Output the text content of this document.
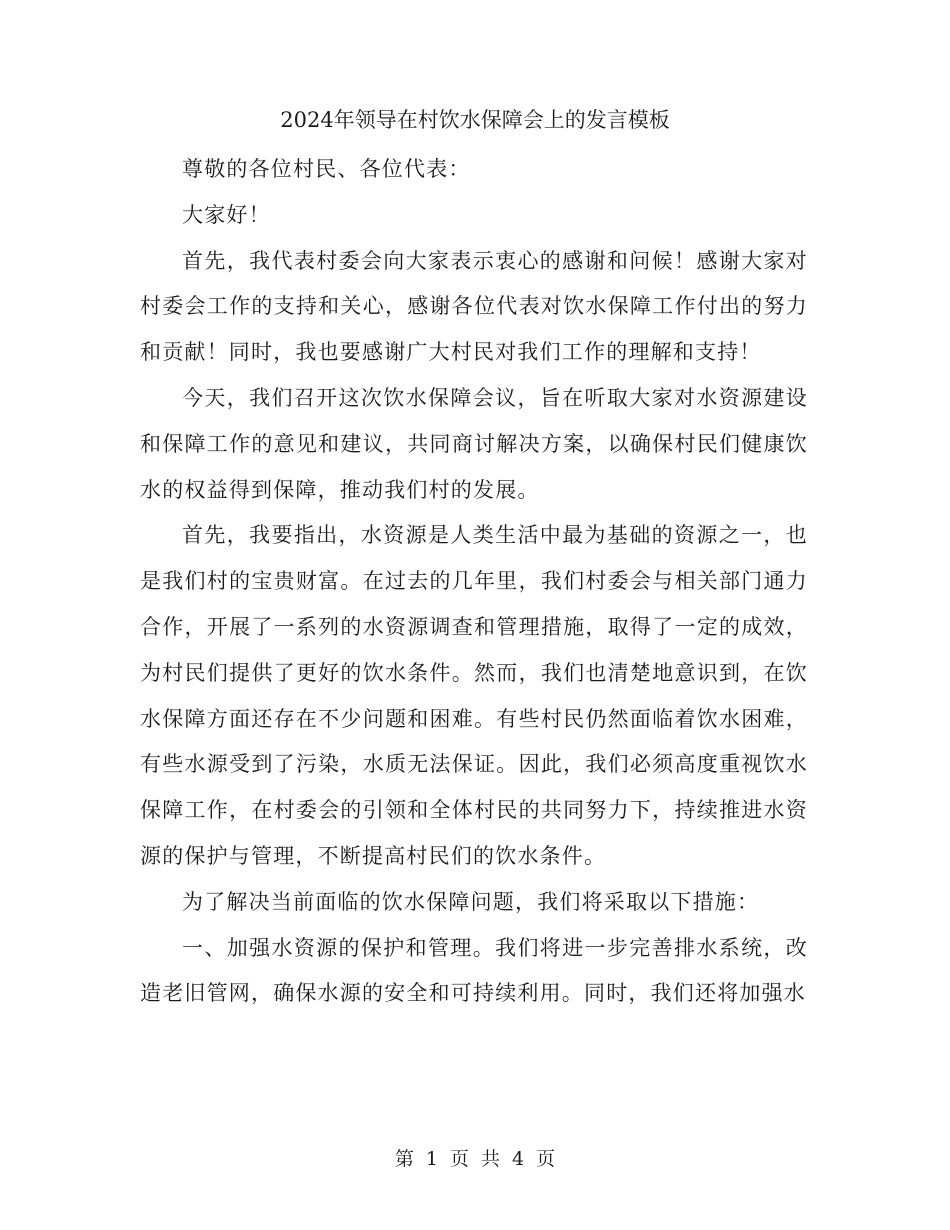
2024年领导在村饮水保障会上的发言模板

尊敬的各位村民、各位代表：

大家好！

首先，我代表村委会向大家表示衷心的感谢和问候！感谢大家对村委会工作的支持和关心，感谢各位代表对饮水保障工作付出的努力和贡献！同时，我也要感谢广大村民对我们工作的理解和支持！

今天，我们召开这次饮水保障会议，旨在听取大家对水资源建设和保障工作的意见和建议，共同商讨解决方案，以确保村民们健康饮水的权益得到保障，推动我们村的发展。

首先，我要指出，水资源是人类生活中最为基础的资源之一，也是我们村的宝贵财富。在过去的几年里，我们村委会与相关部门通力合作，开展了一系列的水资源调查和管理措施，取得了一定的成效，为村民们提供了更好的饮水条件。然而，我们也清楚地意识到，在饮水保障方面还存在不少问题和困难。有些村民仍然面临着饮水困难，有些水源受到了污染，水质无法保证。因此，我们必须高度重视饮水保障工作，在村委会的引领和全体村民的共同努力下，持续推进水资源的保护与管理，不断提高村民们的饮水条件。

为了解决当前面临的饮水保障问题，我们将采取以下措施：

一、加强水资源的保护和管理。我们将进一步完善排水系统，改造老旧管网，确保水源的安全和可持续利用。同时，我们还将加强水

第 1 页 共 4 页
